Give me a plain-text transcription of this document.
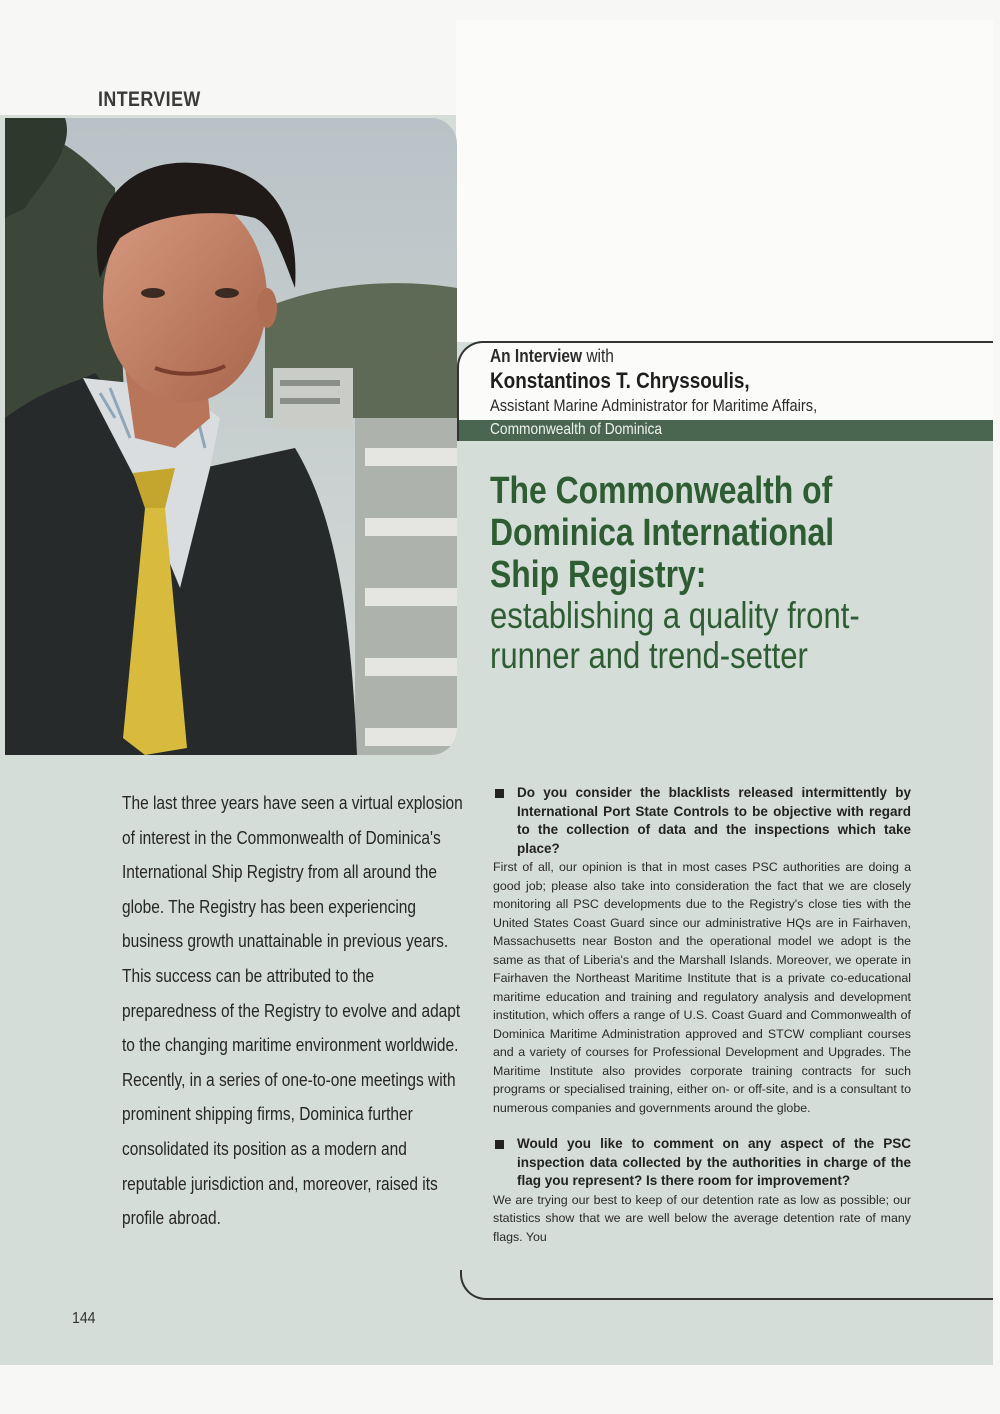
INTERVIEW
An Interview with
Konstantinos T. Chryssoulis,
Assistant Marine Administrator for Maritime Affairs,
Commonwealth of Dominica
The Commonwealth of
Dominica International
Ship Registry:
establishing a quality front-
runner and trend-setter

The last three years have seen a virtual explosion of interest in the Commonwealth of Dominica's International Ship Registry from all around the globe. The Registry has been experiencing business growth unattainable in previous years. This success can be attributed to the preparedness of the Registry to evolve and adapt to the changing maritime environment worldwide. Recently, in a series of one-to-one meetings with prominent shipping firms, Dominica further consolidated its position as a modern and reputable jurisdiction and, moreover, raised its profile abroad.

Do you consider the blacklists released intermittently by International Port State Controls to be objective with regard to the collection of data and the inspections which take place?

First of all, our opinion is that in most cases PSC authorities are doing a good job; please also take into consideration the fact that we are closely monitoring all PSC developments due to the Registry's close ties with the United States Coast Guard since our administrative HQs are in Fairhaven, Massachusetts near Boston and the operational model we adopt is the same as that of Liberia's and the Marshall Islands. Moreover, we operate in Fairhaven the Northeast Maritime Institute that is a private co-educational maritime education and training and regulatory analysis and development institution, which offers a range of U.S. Coast Guard and Commonwealth of Dominica Maritime Administration approved and STCW compliant courses and a variety of courses for Professional Development and Upgrades. The Maritime Institute also provides corporate training contracts for such programs or specialised training, either on- or off-site, and is a consultant to numerous companies and governments around the globe.

Would you like to comment on any aspect of the PSC inspection data collected by the authorities in charge of the flag you represent? Is there room for improvement?

We are trying our best to keep of our detention rate as low as possible; our statistics show that we are well below the average detention rate of many flags. You

144
